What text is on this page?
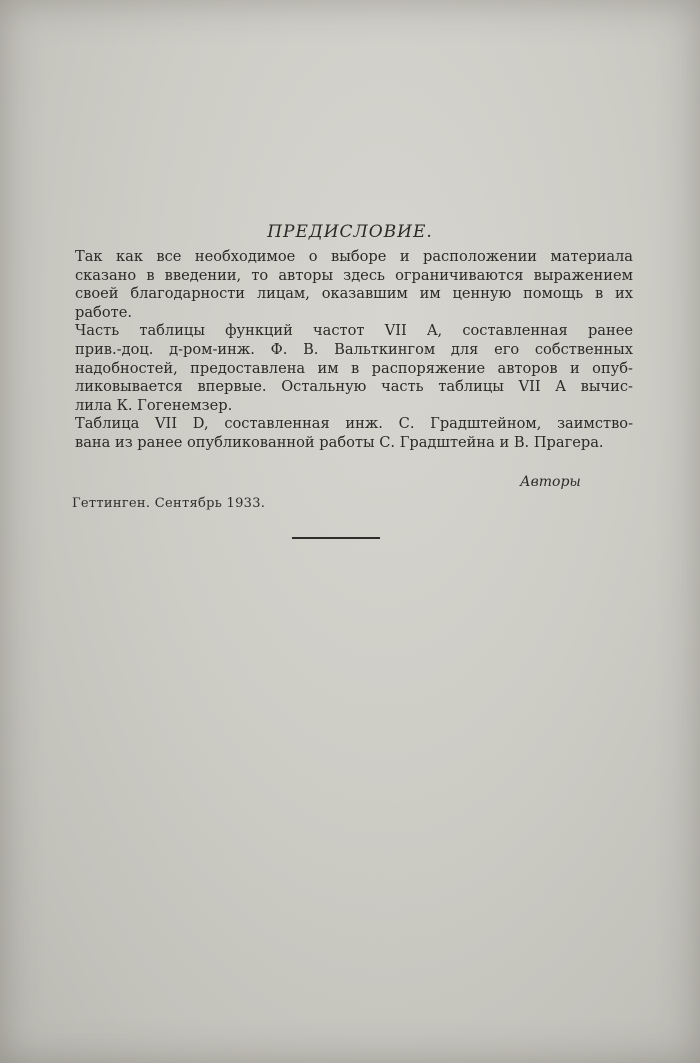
ПРЕДИСЛОВИЕ.

Так как все необходимое о выборе и расположении материала
сказано в введении, то авторы здесь ограничиваются выражением
своей благодарности лицам, оказавшим им ценную помощь в их
работе.

Часть таблицы функций частот VII A, составленная ранее
прив.-доц. д-ром-инж. Ф. В. Вальткингом для его собственных
надобностей, предоставлена им в распоряжение авторов и опуб-
ликовывается впервые. Остальную часть таблицы VII A вычис-
лила К. Гогенемзер.

Таблица VII D, составленная инж. С. Градштейном, заимство-
вана из ранее опубликованной работы С. Градштейна и В. Прагера.

Авторы
Геттинген. Сентябрь 1933.
